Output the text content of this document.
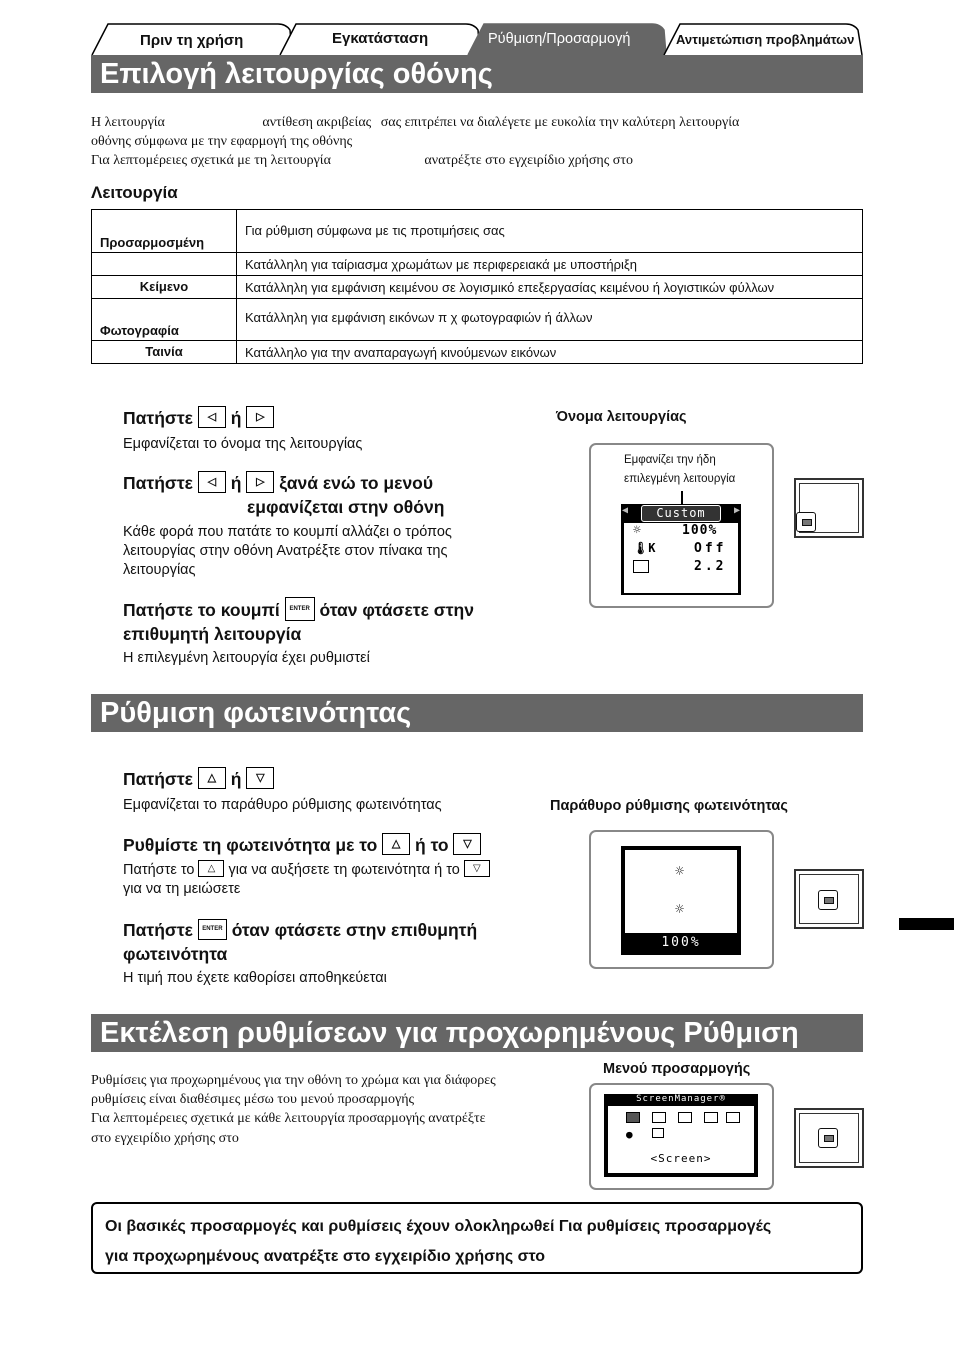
Πριν τη χρήση	Εγκατάσταση	Ρύθμιση/Προσαρμογή	Αντιμετώπιση προβλημάτων
Επιλογή λειτουργίας οθόνης
Η λειτουργία	αντίθεση ακριβείας σας επιτρέπει να διαλέγετε με ευκολία την καλύτερη λειτουργία
οθόνης σύμφωνα με την εφαρμογή της οθόνης
Για λεπτομέρειες σχετικά με τη λειτουργία	ανατρέξτε στο εγχειρίδιο χρήσης στο
Λειτουργία
Προσαρμοσμένη	Για ρύθμιση σύμφωνα με τις προτιμήσεις σας
	Κατάλληλη για ταίριασμα χρωμάτων με περιφερειακά με υποστήριξη
Κείμενο	Κατάλληλη για εμφάνιση κειμένου σε λογισμικό επεξεργασίας κειμένου ή λογιστικών φύλλων
Φωτογραφία	Κατάλληλη για εμφάνιση εικόνων π χ φωτογραφιών ή άλλων
Ταινία	Κατάλληλο για την αναπαραγωγή κινούμενων εικόνων
Πατήστε ◁ ή ▷
Εμφανίζεται το όνομα της λειτουργίας
Πατήστε ◁ ή ▷ ξανά ενώ το μενού
εμφανίζεται στην οθόνη
Κάθε φορά που πατάτε το κουμπί αλλάζει ο τρόπος
λειτουργίας στην οθόνη Ανατρέξτε στον πίνακα της
λειτουργίας
Πατήστε το κουμπί ENTER όταν φτάσετε στην
επιθυμητή λειτουργία
Η επιλεγμένη λειτουργία έχει ρυθμιστεί
Όνομα λειτουργίας
Εμφανίζει την ήδη
επιλεγμένη λειτουργία
◀	▶
Custom
☼	100%
🌡K	Off
2.2
Ρύθμιση φωτεινότητας
Πατήστε △ ή ▽
Εμφανίζεται το παράθυρο ρύθμισης φωτεινότητας
Ρυθμίστε τη φωτεινότητα με το △ ή το ▽
Πατήστε το △ για να αυξήσετε τη φωτεινότητα ή το ▽
για να τη μειώσετε
Πατήστε ENTER όταν φτάσετε στην επιθυμητή
φωτεινότητα
Η τιμή που έχετε καθορίσει αποθηκεύεται
Παράθυρο ρύθμισης φωτεινότητας
☼
☼
100%
Εκτέλεση ρυθμίσεων για προχωρημένους Ρύθμιση
Ρυθμίσεις για προχωρημένους για την οθόνη το χρώμα και για διάφορες
ρυθμίσεις είναι διαθέσιμες μέσω του μενού προσαρμογής
Για λεπτομέρειες σχετικά με κάθε λειτουργία προσαρμογής ανατρέξτε
στο εγχειρίδιο χρήσης στο
Μενού προσαρμογής
ScreenManager®
●
<Screen>
Οι βασικές προσαρμογές και ρυθμίσεις έχουν ολοκληρωθεί Για ρυθμίσεις προσαρμογές
για προχωρημένους ανατρέξτε στο εγχειρίδιο χρήσης στο
